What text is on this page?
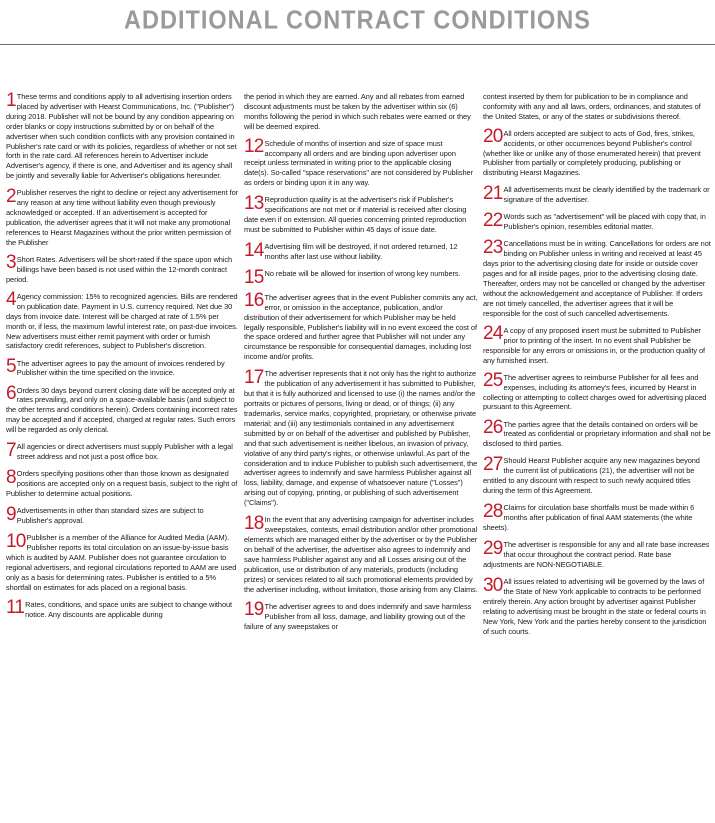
ADDITIONAL CONTRACT CONDITIONS
1 These terms and conditions apply to all advertising insertion orders placed by advertiser with Hearst Communications, Inc. ("Publisher") during 2018. Publisher will not be bound by any condition appearing on order blanks or copy instructions submitted by or on behalf of the advertiser when such condition conflicts with any provision contained in Publisher's rate card or with its policies, regardless of whether or not set forth in the rate card. All references herein to Advertiser include Advertiser's agency, if there is one, and Advertiser and its agency shall be jointly and severally liable for Advertiser's obligations hereunder.

2 Publisher reserves the right to decline or reject any advertisement for any reason at any time without liability even though previously acknowledged or accepted. If an advertisement is accepted for publication, the advertiser agrees that it will not make any promotional references to Hearst Magazines without the prior written permission of the Publisher

3 Short Rates. Advertisers will be short-rated if the space upon which billings have been based is not used within the 12-month contract period.

4 Agency commission: 15% to recognized agencies. Bills are rendered on publication date. Payment in U.S. currency required. Net due 30 days from invoice date. Interest will be charged at rate of 1.5% per month or, if less, the maximum lawful interest rate, on past-due invoices. New advertisers must either remit payment with order or furnish satisfactory credit references, subject to Publisher's discretion.

5 The advertiser agrees to pay the amount of invoices rendered by Publisher within the time specified on the invoice.

6 Orders 30 days beyond current closing date will be accepted only at rates prevailing, and only on a space-available basis (and subject to the other terms and conditions herein). Orders containing incorrect rates may be accepted and if accepted, charged at regular rates. Such errors will be regarded as only clerical.

7 All agencies or direct advertisers must supply Publisher with a legal street address and not just a post office box.

8 Orders specifying positions other than those known as designated positions are accepted only on a request basis, subject to the right of Publisher to determine actual positions.

9 Advertisements in other than standard sizes are subject to Publisher's approval.

10 Publisher is a member of the Alliance for Audited Media (AAM). Publisher reports its total circulation on an issue-by-issue basis which is audited by AAM. Publisher does not guarantee circulation to regional advertisers, and regional circulations reported to AAM are used only as a basis for determining rates. Publisher is entitled to a 5% shortfall on estimates for ads placed on a regional basis.

11 Rates, conditions, and space units are subject to change without notice. Any discounts are applicable during

the period in which they are earned. Any and all rebates from earned discount adjustments must be taken by the advertiser within six (6) months following the period in which such rebates were earned or they will be deemed expired.

12 Schedule of months of insertion and size of space must accompany all orders and are binding upon advertiser upon receipt unless terminated in writing prior to the applicable closing date(s). So-called "space reservations" are not considered by Publisher as orders or binding upon it in any way.

13 Reproduction quality is at the advertiser's risk if Publisher's specifications are not met or if material is received after closing date even if on extension. All queries concerning printed reproduction must be submitted to Publisher within 45 days of issue date.

14 Advertising film will be destroyed, if not ordered returned, 12 months after last use without liability.

15 No rebate will be allowed for insertion of wrong key numbers.

16 The advertiser agrees that in the event Publisher commits any act, error, or omission in the acceptance, publication, and/or distribution of their advertisement for which Publisher may be held legally responsible, Publisher's liability will in no event exceed the cost of the space ordered and further agree that Publisher will not under any circumstance be responsible for consequential damages, including lost income and/or profits.

17 The advertiser represents that it not only has the right to authorize the publication of any advertisement it has submitted to Publisher, but that it is fully authorized and licensed to use (i) the names and/or the portraits or pictures of persons, living or dead, or of things; (ii) any trademarks, service marks, copyrighted, proprietary, or otherwise private material; and (iii) any testimonials contained in any advertisement submitted by or on behalf of the advertiser and published by Publisher, and that such advertisement is neither libelous, an invasion of privacy, violative of any third party's rights, or otherwise unlawful. As part of the consideration and to induce Publisher to publish such advertisement, the advertiser agrees to indemnify and save harmless Publisher against all loss, liability, damage, and expense of whatsoever nature ("Losses") arising out of copying, printing, or publishing of such advertisement ("Claims").

18 In the event that any advertising campaign for advertiser includes sweepstakes, contests, email distribution and/or other promotional elements which are managed either by the advertiser or by the Publisher on behalf of the advertiser, the advertiser also agrees to indemnify and save harmless Publisher against any and all Losses arising out of the publication, use or distribution of any materials, products (including prizes) or services related to all such promotional elements provided by the advertiser including, without limitation, those arising from any Claims.

19 The advertiser agrees to and does indemnify and save harmless Publisher from all loss, damage, and liability growing out of the failure of any sweepstakes or

contest inserted by them for publication to be in compliance and conformity with any and all laws, orders, ordinances, and statutes of the United States, or any of the states or subdivisions thereof.

20 All orders accepted are subject to acts of God, fires, strikes, accidents, or other occurrences beyond Publisher's control (whether like or unlike any of those enumerated herein) that prevent Publisher from partially or completely producing, publishing or distributing Hearst Magazines.

21 All advertisements must be clearly identified by the trademark or signature of the advertiser.

22 Words such as "advertisement" will be placed with copy that, in Publisher's opinion, resembles editorial matter.

23 Cancellations must be in writing. Cancellations for orders are not binding on Publisher unless in writing and received at least 45 days prior to the advertising closing date for inside or outside cover pages and for all inside pages, prior to the advertising closing date. Thereafter, orders may not be cancelled or changed by the advertiser without the acknowledgement and acceptance of Publisher. If orders are not timely cancelled, the advertiser agrees that it will be responsible for the cost of such cancelled advertisements.

24 A copy of any proposed insert must be submitted to Publisher prior to printing of the insert. In no event shall Publisher be responsible for any errors or omissions in, or the production quality of any furnished insert.

25 The advertiser agrees to reimburse Publisher for all fees and expenses, including its attorney's fees, incurred by Hearst in collecting or attempting to collect charges owed for advertising placed pursuant to this Agreement.

26 The parties agree that the details contained on orders will be treated as confidential or proprietary information and shall not be disclosed to third parties.

27 Should Hearst Publisher acquire any new magazines beyond the current list of publications (21), the advertiser will not be entitled to any discount with respect to such newly acquired titles during the term of this Agreement.

28 Claims for circulation base shortfalls must be made within 6 months after publication of final AAM statements (the white sheets).

29 The advertiser is responsible for any and all rate base increases that occur throughout the contract period. Rate base adjustments are NON-NEGOTIABLE.

30 All issues related to advertising will be governed by the laws of the State of New York applicable to contracts to be performed entirely therein. Any action brought by advertiser against Publisher relating to advertising must be brought in the state or federal courts in New York, New York and the parties hereby consent to the jurisdiction of such courts.
